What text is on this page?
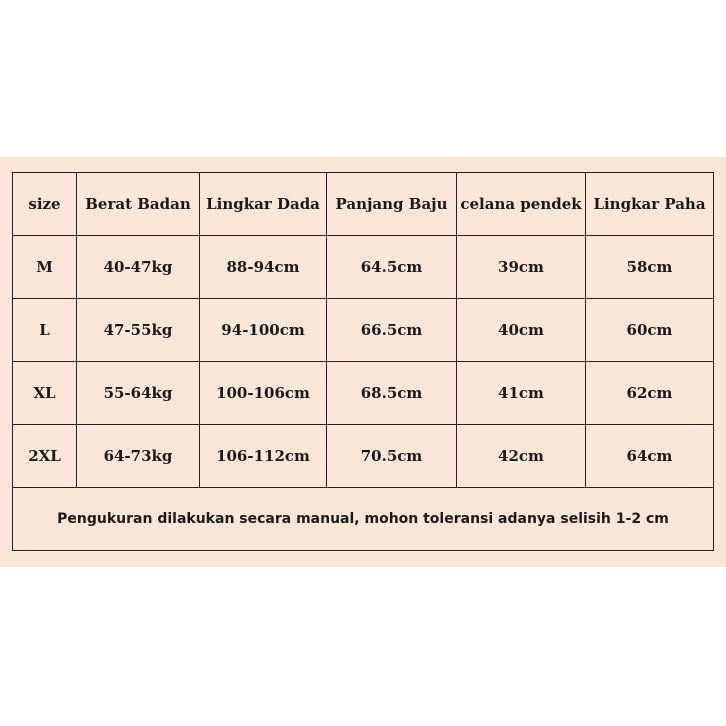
size	Berat Badan	Lingkar Dada	Panjang Baju	celana pendek	Lingkar Paha
M	40-47kg	88-94cm	64.5cm	39cm	58cm
L	47-55kg	94-100cm	66.5cm	40cm	60cm
XL	55-64kg	100-106cm	68.5cm	41cm	62cm
2XL	64-73kg	106-112cm	70.5cm	42cm	64cm
Pengukuran dilakukan secara manual, mohon toleransi adanya selisih 1-2 cm					
